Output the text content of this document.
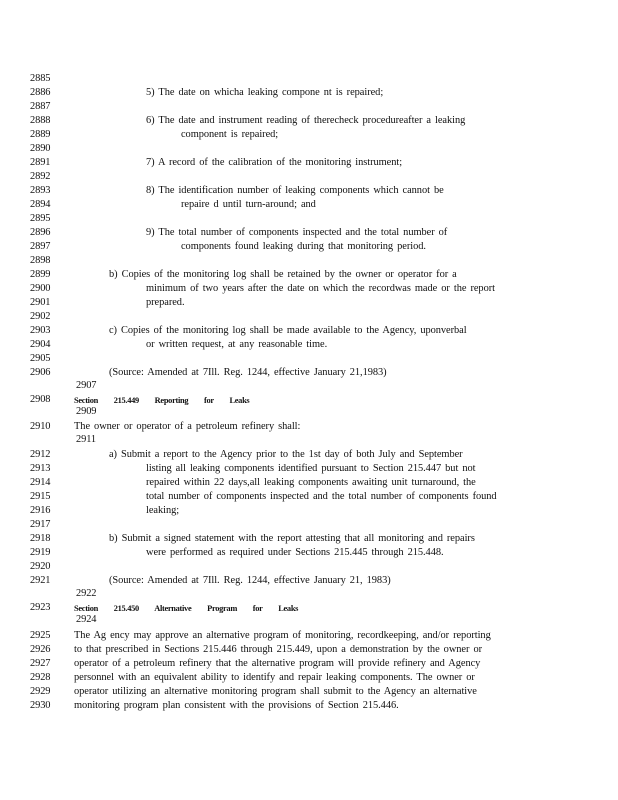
2885
2886
2887
2888
2889
2890
2891
2892
2893
2894
2895
2896
2897
2898
2899
2900
2901
2902
2903
2904
2905
2906
2907
2908
2909
2910
2911
2912
2913
2914
2915
2916
2917
2918
2919
2920
2921
2922
2923
2924
2925
2926
2927
2928
2929
2930
5) The date on whicha leaking compone nt is repaired;
6) The date and instrument reading of therecheck procedureafter a leaking
component is repaired;
7) A record of the calibration of the monitoring instrument;
8) The identification number of leaking components which cannot be
repaire d until turn-around; and
9) The total number of components inspected and the total number of
components found leaking during that monitoring period.
b) Copies of the monitoring log shall be retained by the owner or operator for a
minimum of two years after the date on which the recordwas made or the report
prepared.
c) Copies of the monitoring log shall be made available to the Agency, uponverbal
or written request, at any reasonable time.
(Source: Amended at 7Ill. Reg. 1244, effective January 21,1983)
Section 215.449 Reporting for Leaks
The owner or operator of a petroleum refinery shall:
a) Submit a report to the Agency prior to the 1st day of both July and September
listing all leaking components identified pursuant to Section 215.447 but not
repaired within 22 days,all leaking components awaiting unit turnaround, the
total number of components inspected and the total number of components found
leaking;
b) Submit a signed statement with the report attesting that all monitoring and repairs
were performed as required under Sections 215.445 through 215.448.
(Source: Amended at 7Ill. Reg. 1244, effective January 21, 1983)
Section 215.450 Alternative Program for Leaks
The Ag ency may approve an alternative program of monitoring, recordkeeping, and/or reporting
to that prescribed in Sections 215.446 through 215.449, upon a demonstration by the owner or
operator of a petroleum refinery that the alternative program will provide refinery and Agency
personnel with an equivalent ability to identify and repair leaking components. The owner or
operator utilizing an alternative monitoring program shall submit to the Agency an alternative
monitoring program plan consistent with the provisions of Section 215.446.
